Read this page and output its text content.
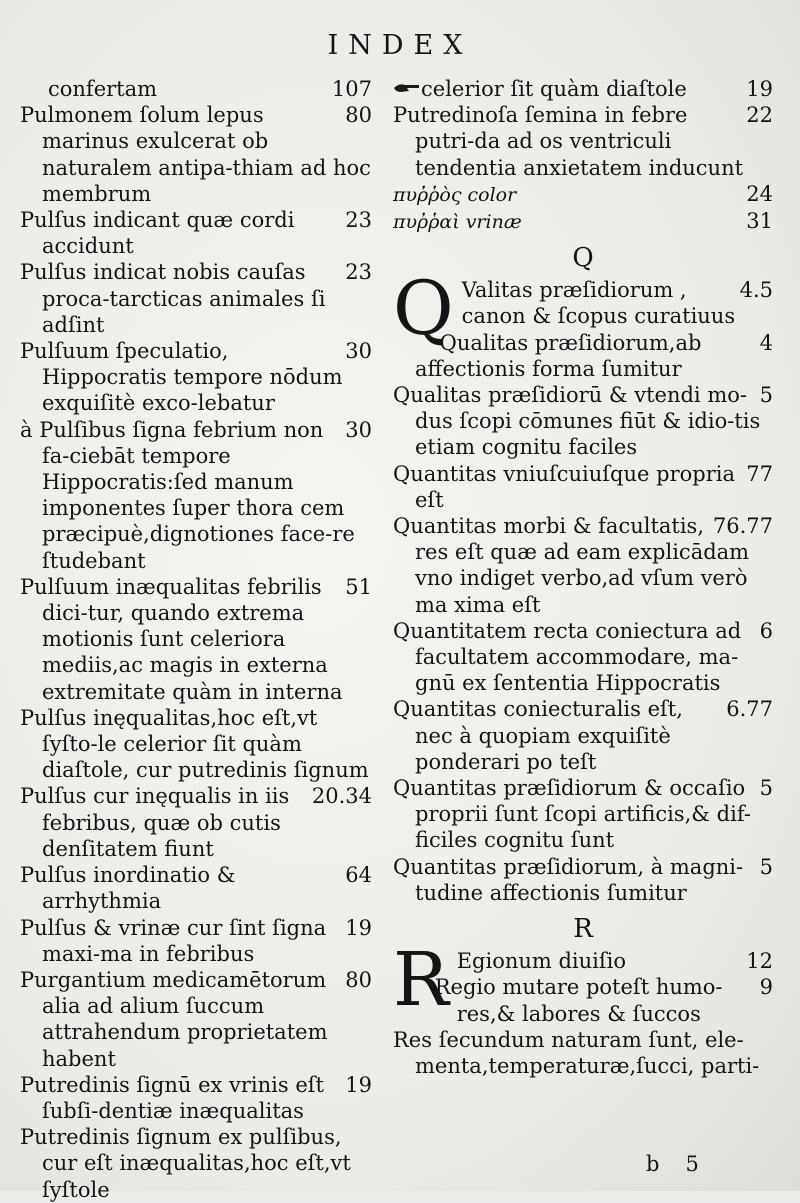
INDEX

107
confertam

80
Pulmonem ſolum lepus marinus exulcerat ob naturalem antipa-thiam ad hoc membrum

23
Pulſus indicant quæ cordi accidunt

23
Pulſus indicat nobis cauſas proca-tarcticas animales ſi adſint

30
Pulſuum ſpeculatio, Hippocratis tempore nōdum exquiſitè exco-lebatur

30
à Pulſibus ſigna febrium non fa-ciebāt tempore Hippocratis:ſed manum imponentes ſuper thora cem præcipuè,dignotiones face-re ſtudebant

51
Pulſuum inæqualitas febrilis dici-tur, quando extrema motionis ſunt celeriora mediis,ac magis in externa extremitate quàm in interna

Pulſus inęqualitas,hoc eſt,vt ſyſto-le celerior ſit quàm diaſtole, cur putredinis ſignum

20.34
Pulſus cur inęqualis in iis febribus, quæ ob cutis denſitatem fiunt

64
Pulſus inordinatio & arrhythmia

19
Pulſus & vrinæ cur ſint ſigna maxi-ma in febribus

80
Purgantium medicamētorum alia ad alium ſuccum attrahendum proprietatem habent

19
Putredinis ſignū ex vrinis eſt ſubſi-dentiæ inæqualitas

Putredinis ſignum ex pulſibus, cur eſt inæqualitas,hoc eſt,vt ſyſtole

19
celerior ſit quàm diaſtole

22
Putredinoſa ſemina in febre putri-da ad os ventriculi tendentia anxietatem inducunt

24
πυῤῥὸς color

31
πυῤῥαὶ vrinæ

Q

Q	4.5
Valitas præſidiorum , canon & ſcopus curatiuus

4
Qualitas præſidiorum,ab affectionis forma ſumitur

5
Qualitas præſidiorū & vtendi mo-dus ſcopi cōmunes fiūt & idio-tis etiam cognitu faciles

77
Quantitas vniuſcuiuſque propria eſt

76.77
Quantitas morbi & facultatis, res eſt quæ ad eam explicādam vno indiget verbo,ad vſum verò ma xima eſt

6
Quantitatem recta coniectura ad facultatem accommodare, ma-gnū ex ſententia Hippocratis

6.77
Quantitas coniecturalis eſt, nec à quopiam exquiſitè ponderari po teſt

5
Quantitas præſidiorum & occaſio proprii ſunt ſcopi artificis,& dif-ficiles cognitu ſunt

5
Quantitas præſidiorum, à magni-tudine affectionis ſumitur

R

R	12
Egionum diuiſio

9
Regio mutare poteſt humo-res,& labores & ſuccos

Res ſecundum naturam ſunt, ele-menta,temperaturæ,ſucci, parti-

b 5
